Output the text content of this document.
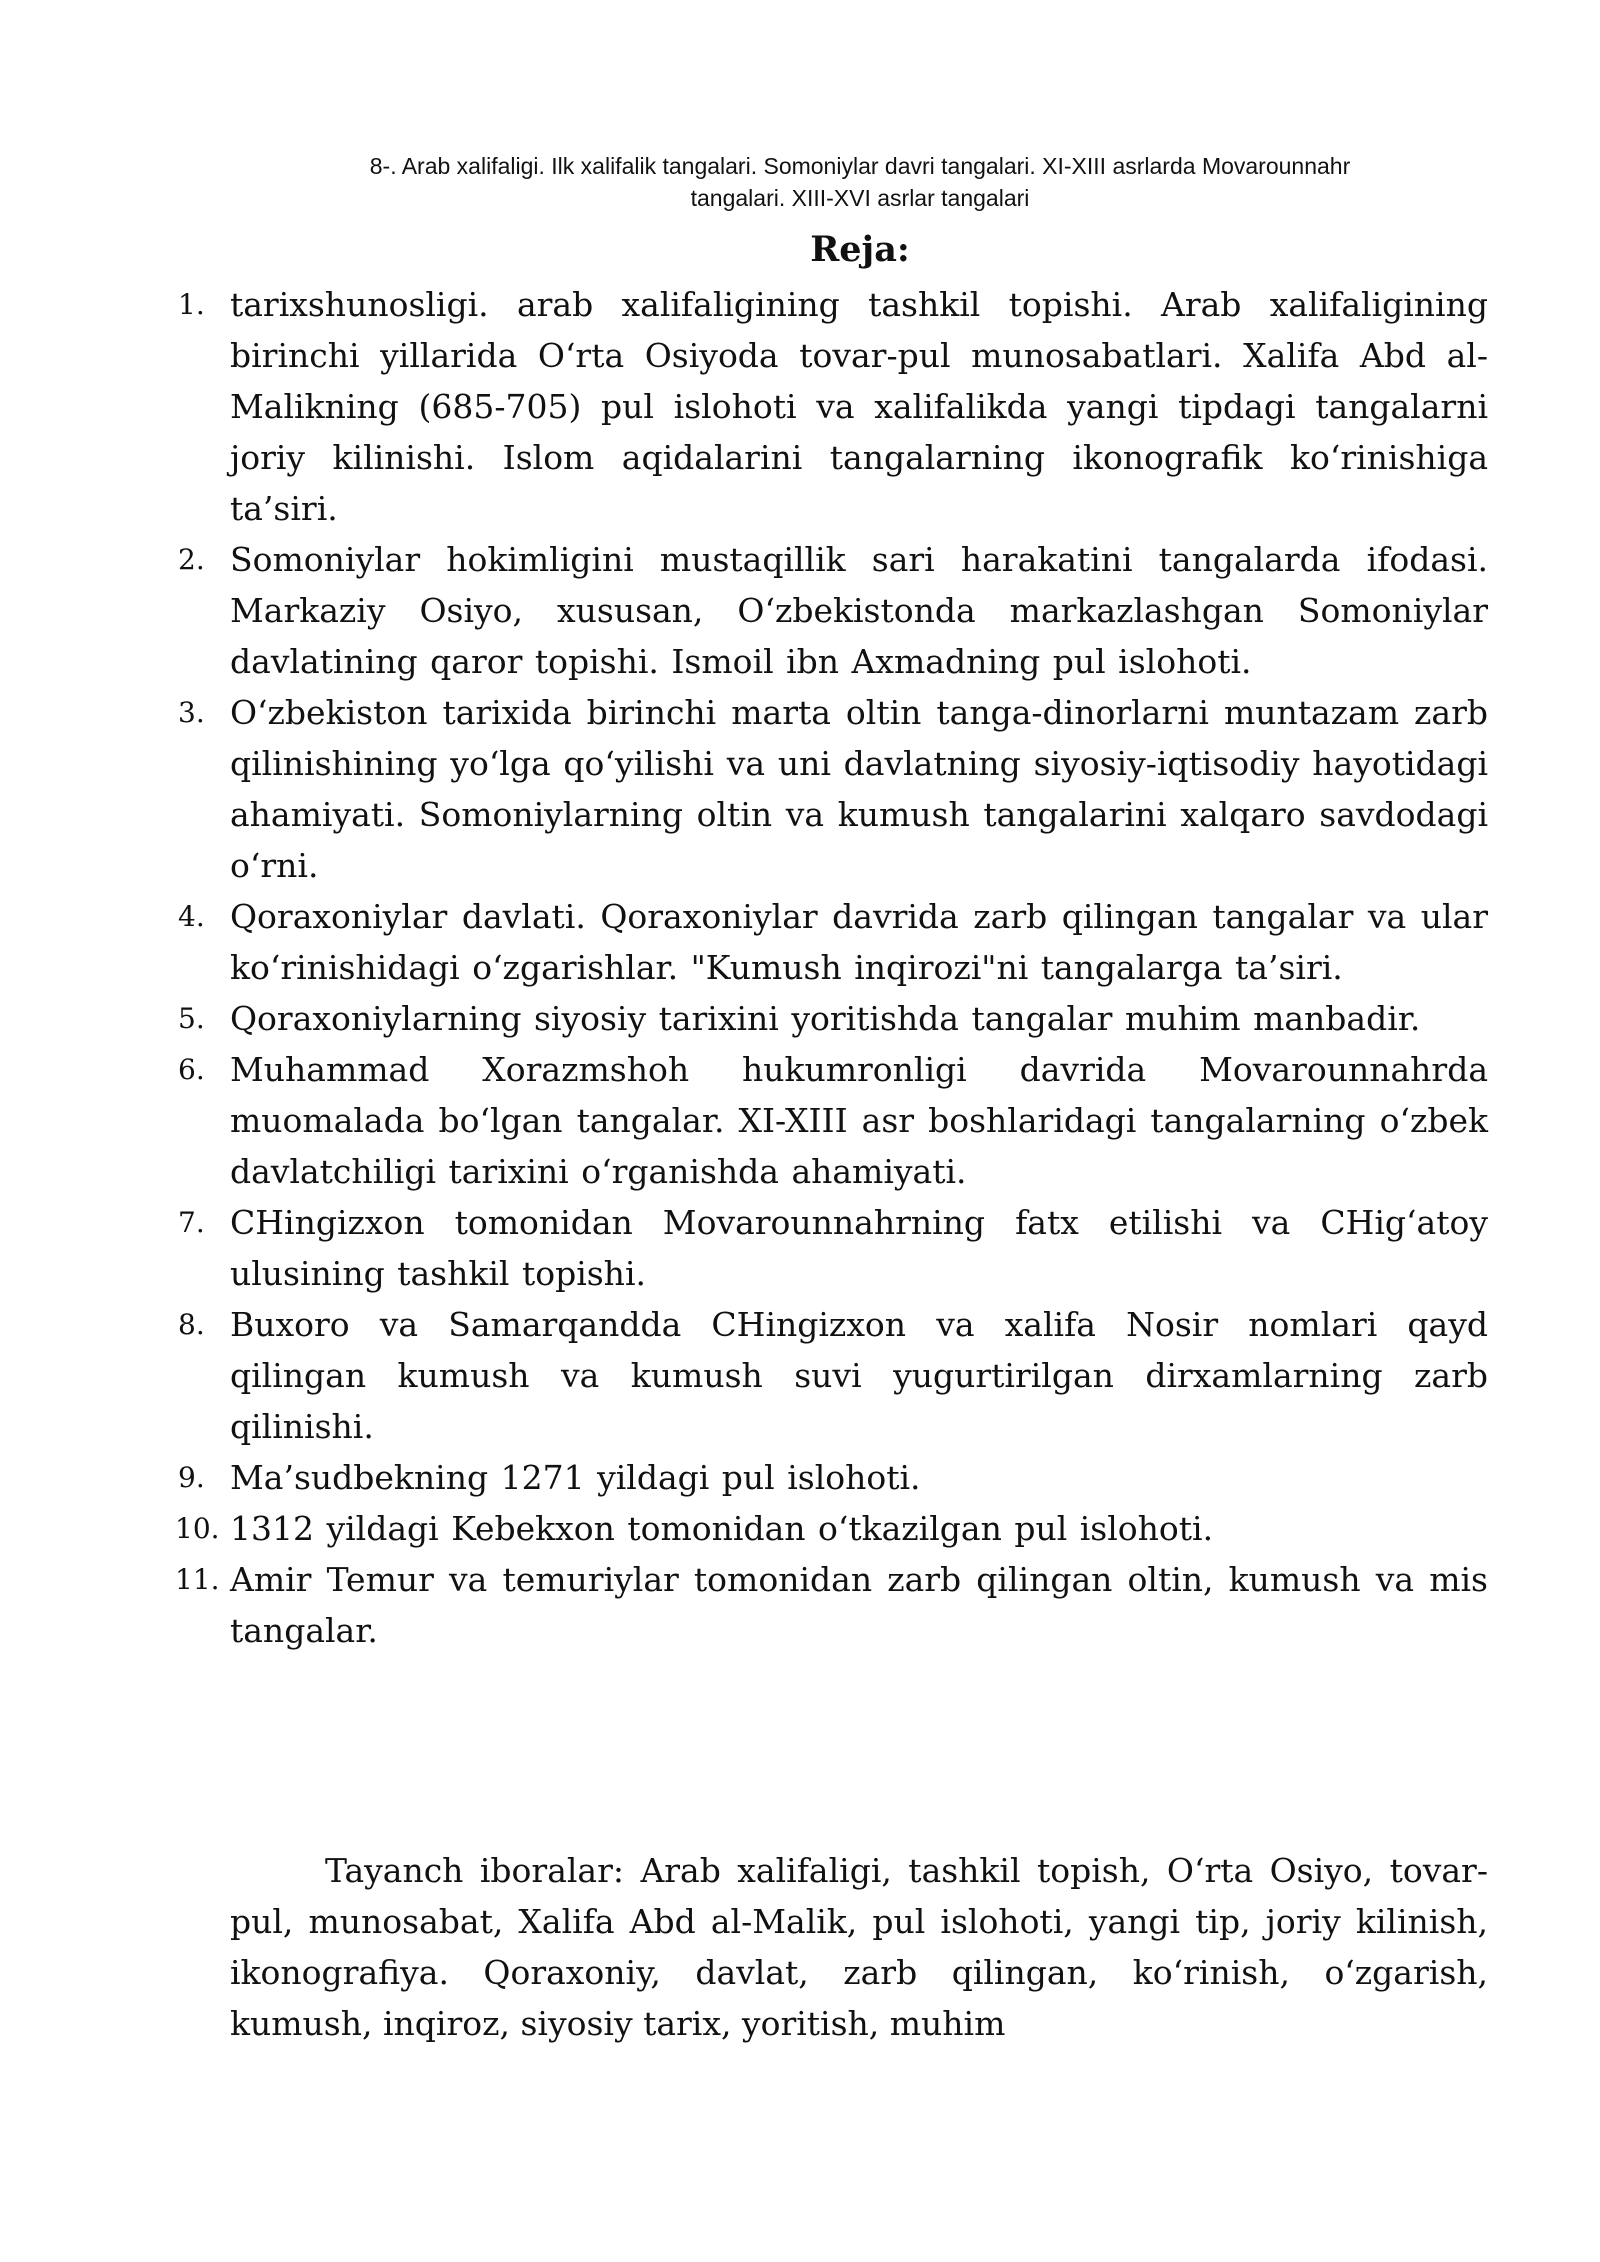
8-. Arab xalifaligi. Ilk xalifalik tangalari. Somoniylar davri tangalari. XI-XIII asrlarda Movarounnahr
tangalari. XIII-XVI asrlar tangalari
Reja:
1. tarixshunosligi. arab xalifaligining tashkil topishi. Arab xalifaligining birinchi yillarida O‘rta Osiyoda tovar-pul munosabatlari. Xalifa Abd al-Malikning (685-705) pul islohoti va xalifalikda yangi tipdagi tangalarni joriy kilinishi. Islom aqidalarini tangalarning ikonografik ko‘rinishiga ta’siri.
2. Somoniylar hokimligini mustaqillik sari harakatini tangalarda ifodasi. Markaziy Osiyo, xususan, O‘zbekistonda markazlashgan Somoniylar davlatining qaror topishi. Ismoil ibn Axmadning pul islohoti.
3. O‘zbekiston tarixida birinchi marta oltin tanga-dinorlarni muntazam zarb qilinishining yo‘lga qo‘yilishi va uni davlatning siyosiy-iqtisodiy hayotidagi ahamiyati. Somoniylarning oltin va kumush tangalarini xalqaro savdodagi o‘rni.
4. Qoraxoniylar davlati. Qoraxoniylar davrida zarb qilingan tangalar va ular ko‘rinishidagi o‘zgarishlar. "Kumush inqirozi"ni tangalarga ta’siri.
5. Qoraxoniylarning siyosiy tarixini yoritishda tangalar muhim manbadir.
6. Muhammad Xorazmshoh hukumronligi davrida Movarounnahrda muomalada bo‘lgan tangalar. XI-XIII asr boshlaridagi tangalarning o‘zbek davlatchiligi tarixini o‘rganishda ahamiyati.
7. CHingizxon tomonidan Movarounnahrning fatx etilishi va CHig‘atoy ulusining tashkil topishi.
8. Buxoro va Samarqandda CHingizxon va xalifa Nosir nomlari qayd qilingan kumush va kumush suvi yugurtirilgan dirxamlarning zarb qilinishi.
9. Ma’sudbekning 1271 yildagi pul islohoti.
10. 1312 yildagi Kebekxon tomonidan o‘tkazilgan pul islohoti.
11. Amir Temur va temuriylar tomonidan zarb qilingan oltin, kumush va mis tangalar.
Tayanch iboralar: Arab xalifaligi, tashkil topish, O‘rta Osiyo, tovar-pul, munosabat, Xalifa Abd al-Malik, pul islohoti, yangi tip, joriy kilinish, ikonografiya. Qoraxoniy, davlat, zarb qilingan, ko‘rinish, o‘zgarish, kumush, inqiroz, siyosiy tarix, yoritish, muhim
